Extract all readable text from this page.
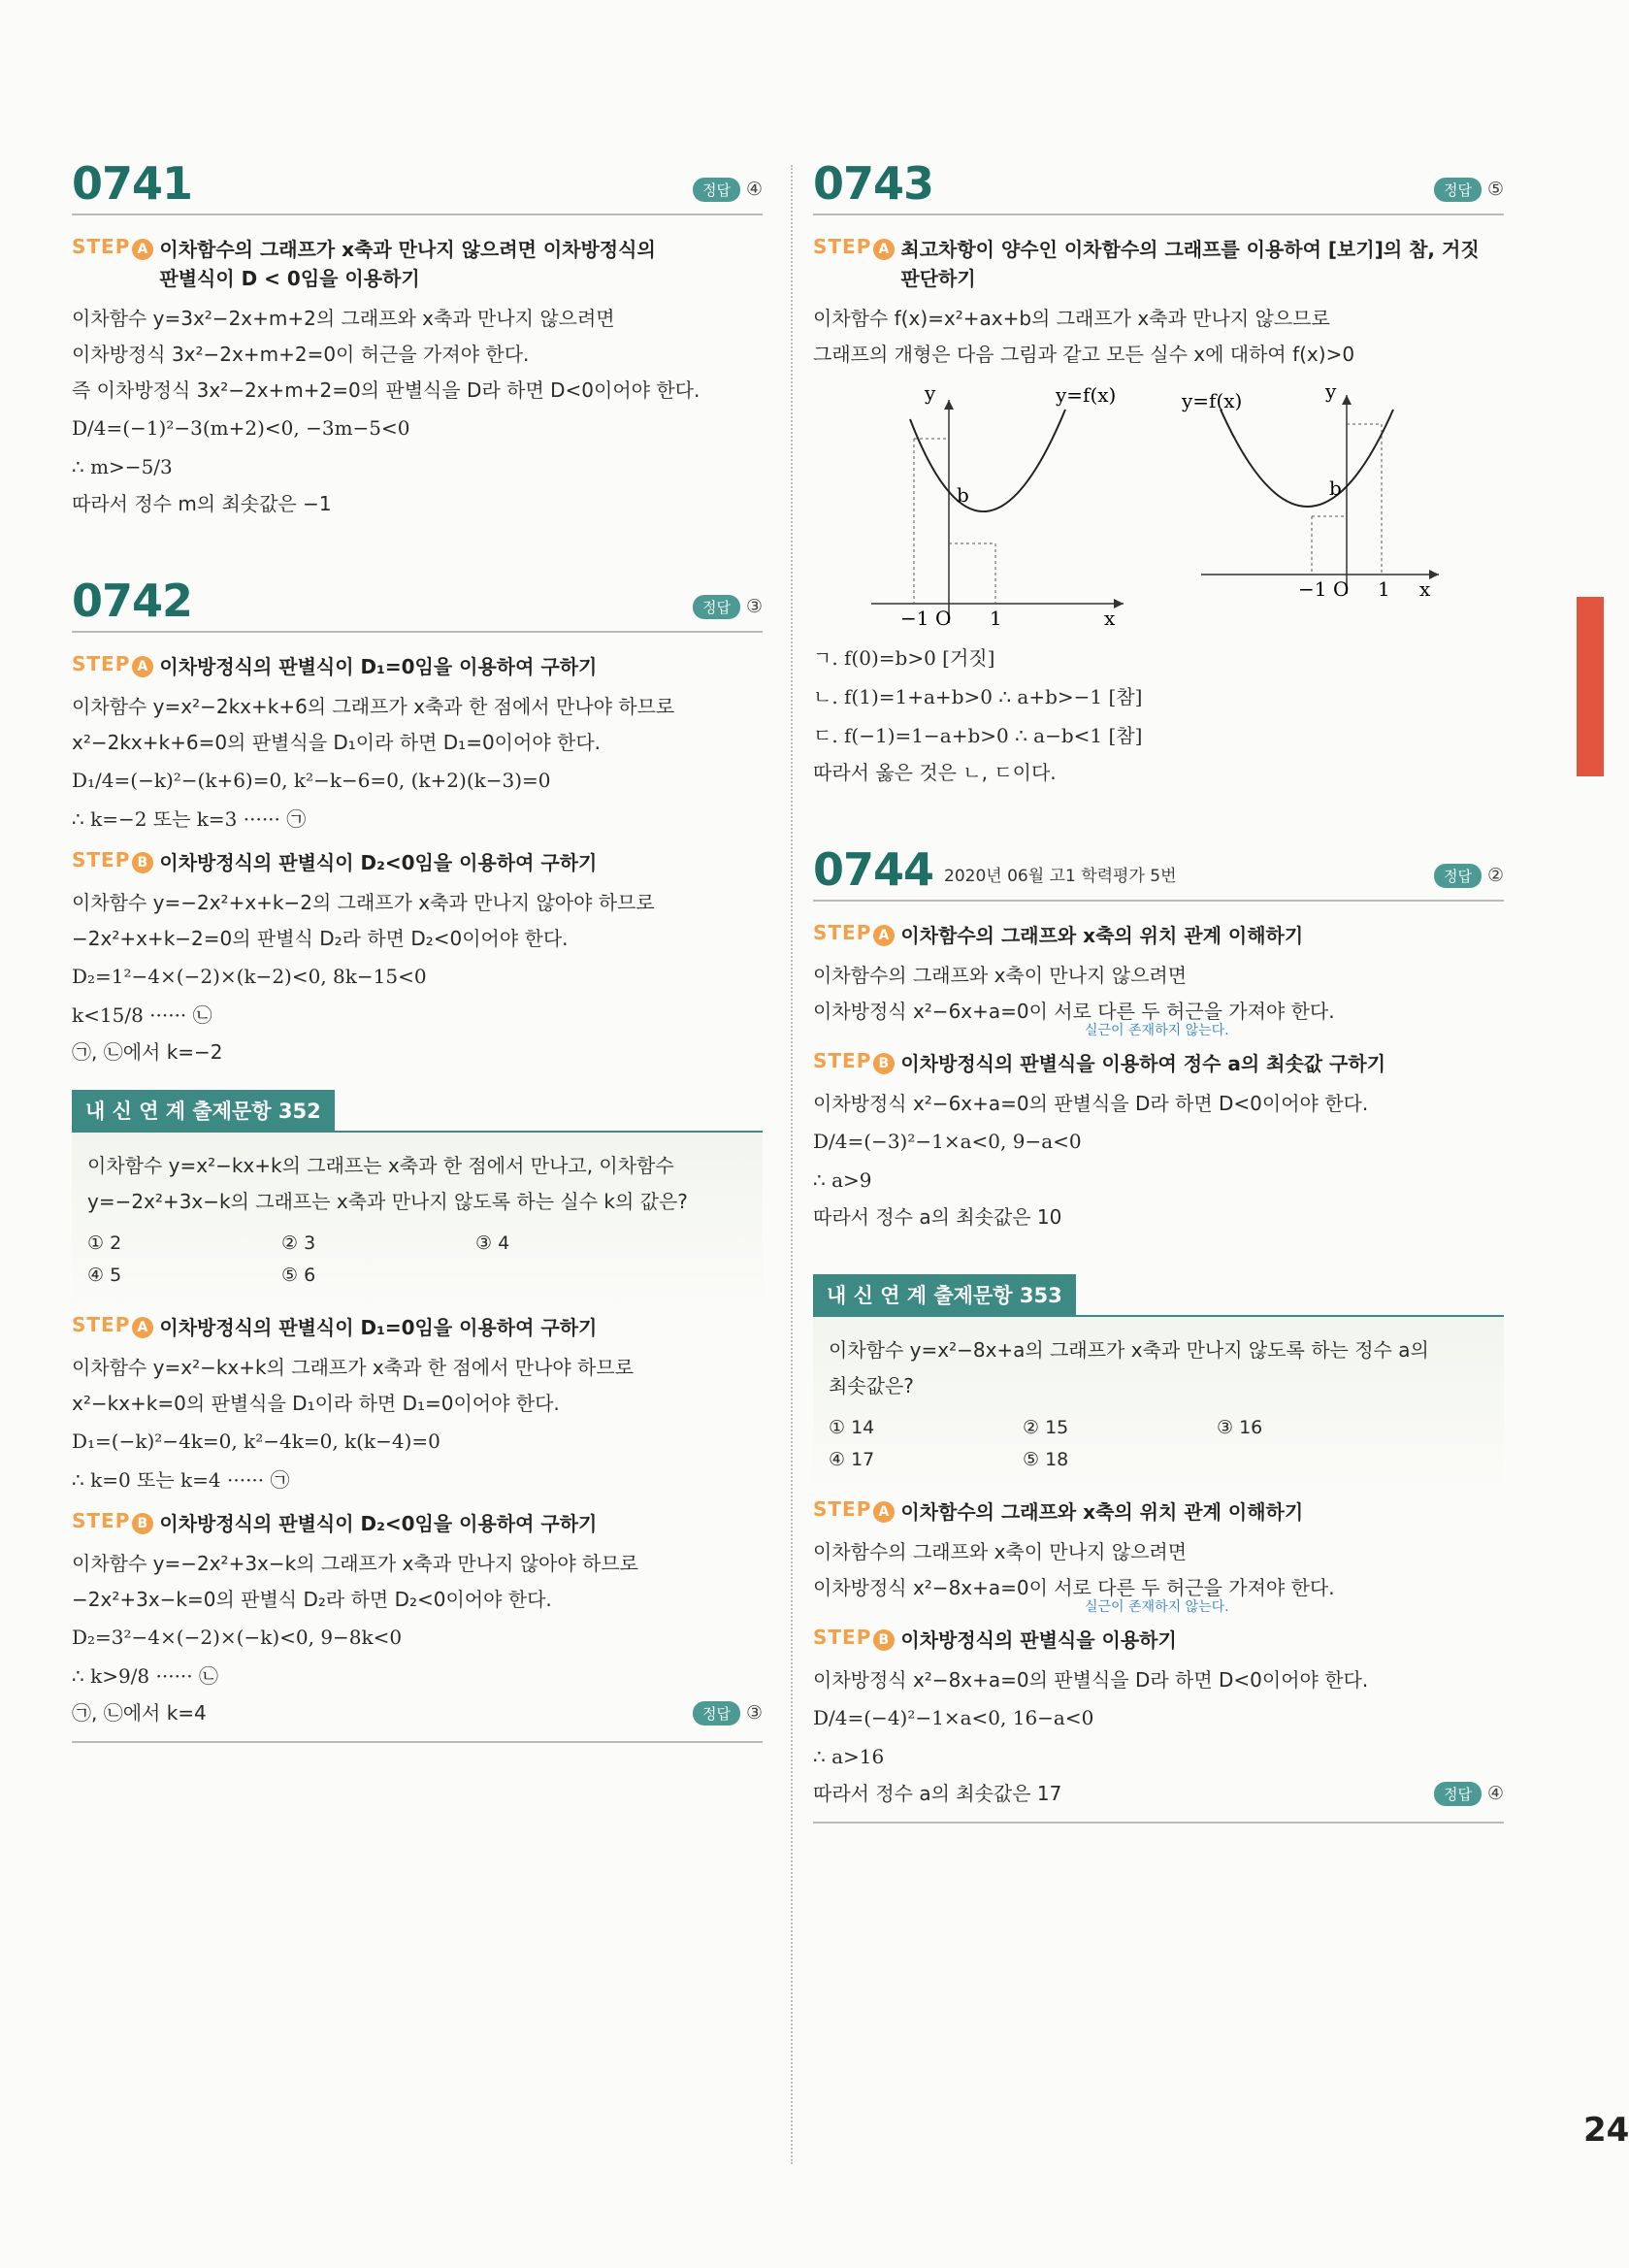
0741	정답 ④
STEP A 이차함수의 그래프가 x축과 만나지 않으려면 이차방정식의
판별식이 D < 0임을 이용하기
이차함수 y=3x²−2x+m+2의 그래프와 x축과 만나지 않으려면
이차방정식 3x²−2x+m+2=0이 허근을 가져야 한다.
즉 이차방정식 3x²−2x+m+2=0의 판별식을 D라 하면 D<0이어야 한다.
D/4=(−1)²−3(m+2)<0, −3m−5<0
∴ m>−5/3
따라서 정수 m의 최솟값은 −1
0742	정답 ③
STEP A 이차방정식의 판별식이 D₁=0임을 이용하여 구하기
이차함수 y=x²−2kx+k+6의 그래프가 x축과 한 점에서 만나야 하므로
x²−2kx+k+6=0의 판별식을 D₁이라 하면 D₁=0이어야 한다.
D₁/4=(−k)²−(k+6)=0, k²−k−6=0, (k+2)(k−3)=0
∴ k=−2 또는 k=3 ······ ㉠
STEP B 이차방정식의 판별식이 D₂<0임을 이용하여 구하기
이차함수 y=−2x²+x+k−2의 그래프가 x축과 만나지 않아야 하므로
−2x²+x+k−2=0의 판별식 D₂라 하면 D₂<0이어야 한다.
D₂=1²−4×(−2)×(k−2)<0, 8k−15<0
k<15/8 ······ ㉡
㉠, ㉡에서 k=−2
내 신 연 계 출제문항 352
이차함수 y=x²−kx+k의 그래프는 x축과 한 점에서 만나고, 이차함수
y=−2x²+3x−k의 그래프는 x축과 만나지 않도록 하는 실수 k의 값은?
① 2	② 3	③ 4
④ 5	⑤ 6
STEP A 이차방정식의 판별식이 D₁=0임을 이용하여 구하기
이차함수 y=x²−kx+k의 그래프가 x축과 한 점에서 만나야 하므로
x²−kx+k=0의 판별식을 D₁이라 하면 D₁=0이어야 한다.
D₁=(−k)²−4k=0, k²−4k=0, k(k−4)=0
∴ k=0 또는 k=4 ······ ㉠
STEP B 이차방정식의 판별식이 D₂<0임을 이용하여 구하기
이차함수 y=−2x²+3x−k의 그래프가 x축과 만나지 않아야 하므로
−2x²+3x−k=0의 판별식 D₂라 하면 D₂<0이어야 한다.
D₂=3²−4×(−2)×(−k)<0, 9−8k<0
∴ k>9/8 ······ ㉡
㉠, ㉡에서 k=4	정답 ③
0743	정답 ⑤
STEP A 최고차항이 양수인 이차함수의 그래프를 이용하여 [보기]의 참, 거짓
판단하기
이차함수 f(x)=x²+ax+b의 그래프가 x축과 만나지 않으므로
그래프의 개형은 다음 그림과 같고 모든 실수 x에 대하여 f(x)>0
y
b
−1 O 1	x
y=f(x)	y
b
−1 O 1 x
y=f(x)
ㄱ. f(0)=b>0 [거짓]
ㄴ. f(1)=1+a+b>0 ∴ a+b>−1 [참]
ㄷ. f(−1)=1−a+b>0 ∴ a−b<1 [참]
따라서 옳은 것은 ㄴ, ㄷ이다.
0744 2020년 06월 고1 학력평가 5번	정답 ②
STEP A 이차함수의 그래프와 x축의 위치 관계 이해하기
이차함수의 그래프와 x축이 만나지 않으려면
이차방정식 x²−6x+a=0이 서로 다른 두 허근을 가져야 한다.
실근이 존재하지 않는다.
STEP B 이차방정식의 판별식을 이용하여 정수 a의 최솟값 구하기
이차방정식 x²−6x+a=0의 판별식을 D라 하면 D<0이어야 한다.
D/4=(−3)²−1×a<0, 9−a<0
∴ a>9
따라서 정수 a의 최솟값은 10
내 신 연 계 출제문항 353
이차함수 y=x²−8x+a의 그래프가 x축과 만나지 않도록 하는 정수 a의
최솟값은?
① 14	② 15	③ 16
④ 17	⑤ 18
STEP A 이차함수의 그래프와 x축의 위치 관계 이해하기
이차함수의 그래프와 x축이 만나지 않으려면
이차방정식 x²−8x+a=0이 서로 다른 두 허근을 가져야 한다.
실근이 존재하지 않는다.
STEP B 이차방정식의 판별식을 이용하기
이차방정식 x²−8x+a=0의 판별식을 D라 하면 D<0이어야 한다.
D/4=(−4)²−1×a<0, 16−a<0
∴ a>16
따라서 정수 a의 최솟값은 17	정답 ④
24
